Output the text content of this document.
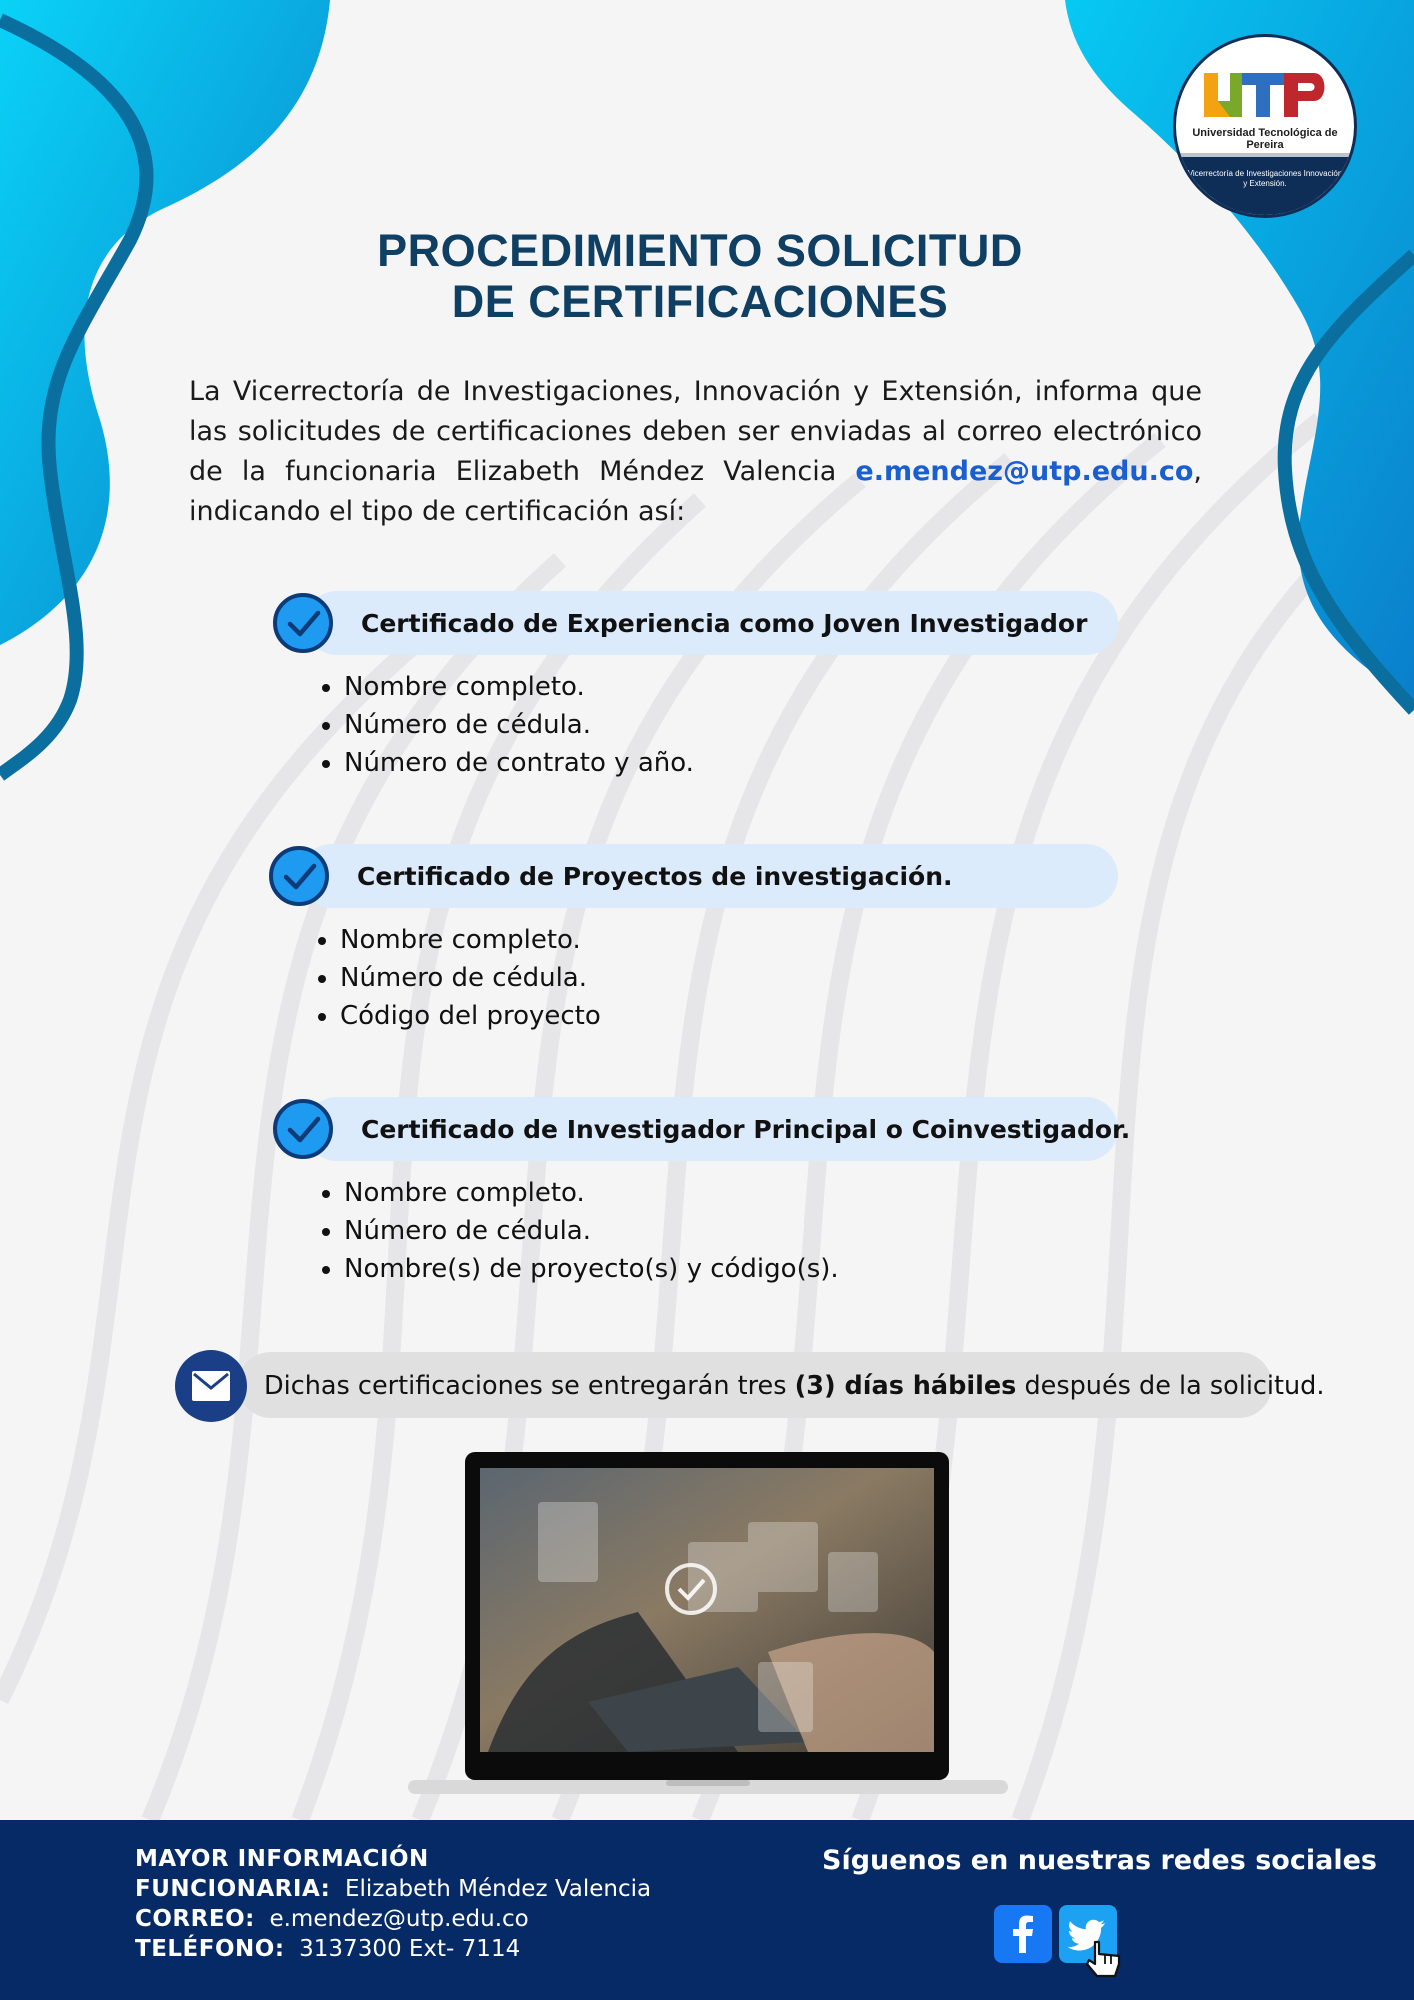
Universidad Tecnológica de Pereira
Vicerrectoría de Investigaciones Innovación y Extensión.
PROCEDIMIENTO SOLICITUD
DE CERTIFICACIONES

La Vicerrectoría de Investigaciones, Innovación y Extensión, informa que las solicitudes de certificaciones deben ser enviadas al correo electrónico de la funcionaria Elizabeth Méndez Valencia e.mendez@utp.edu.co, indicando el tipo de certificación así:

Certificado de Experiencia como Joven Investigador
• Nombre completo.
• Número de cédula.
• Número de contrato y año.
Certificado de Proyectos de investigación.
• Nombre completo.
• Número de cédula.
• Código del proyecto
Certificado de Investigador Principal o Coinvestigador.
• Nombre completo.
• Número de cédula.
• Nombre(s) de proyecto(s) y código(s).
Dichas certificaciones se entregarán tres (3) días hábiles después de la solicitud.
MAYOR INFORMACIÓN
FUNCIONARIA: Elizabeth Méndez Valencia
CORREO: e.mendez@utp.edu.co
TELÉFONO: 3137300 Ext- 7114
Síguenos en nuestras redes sociales
